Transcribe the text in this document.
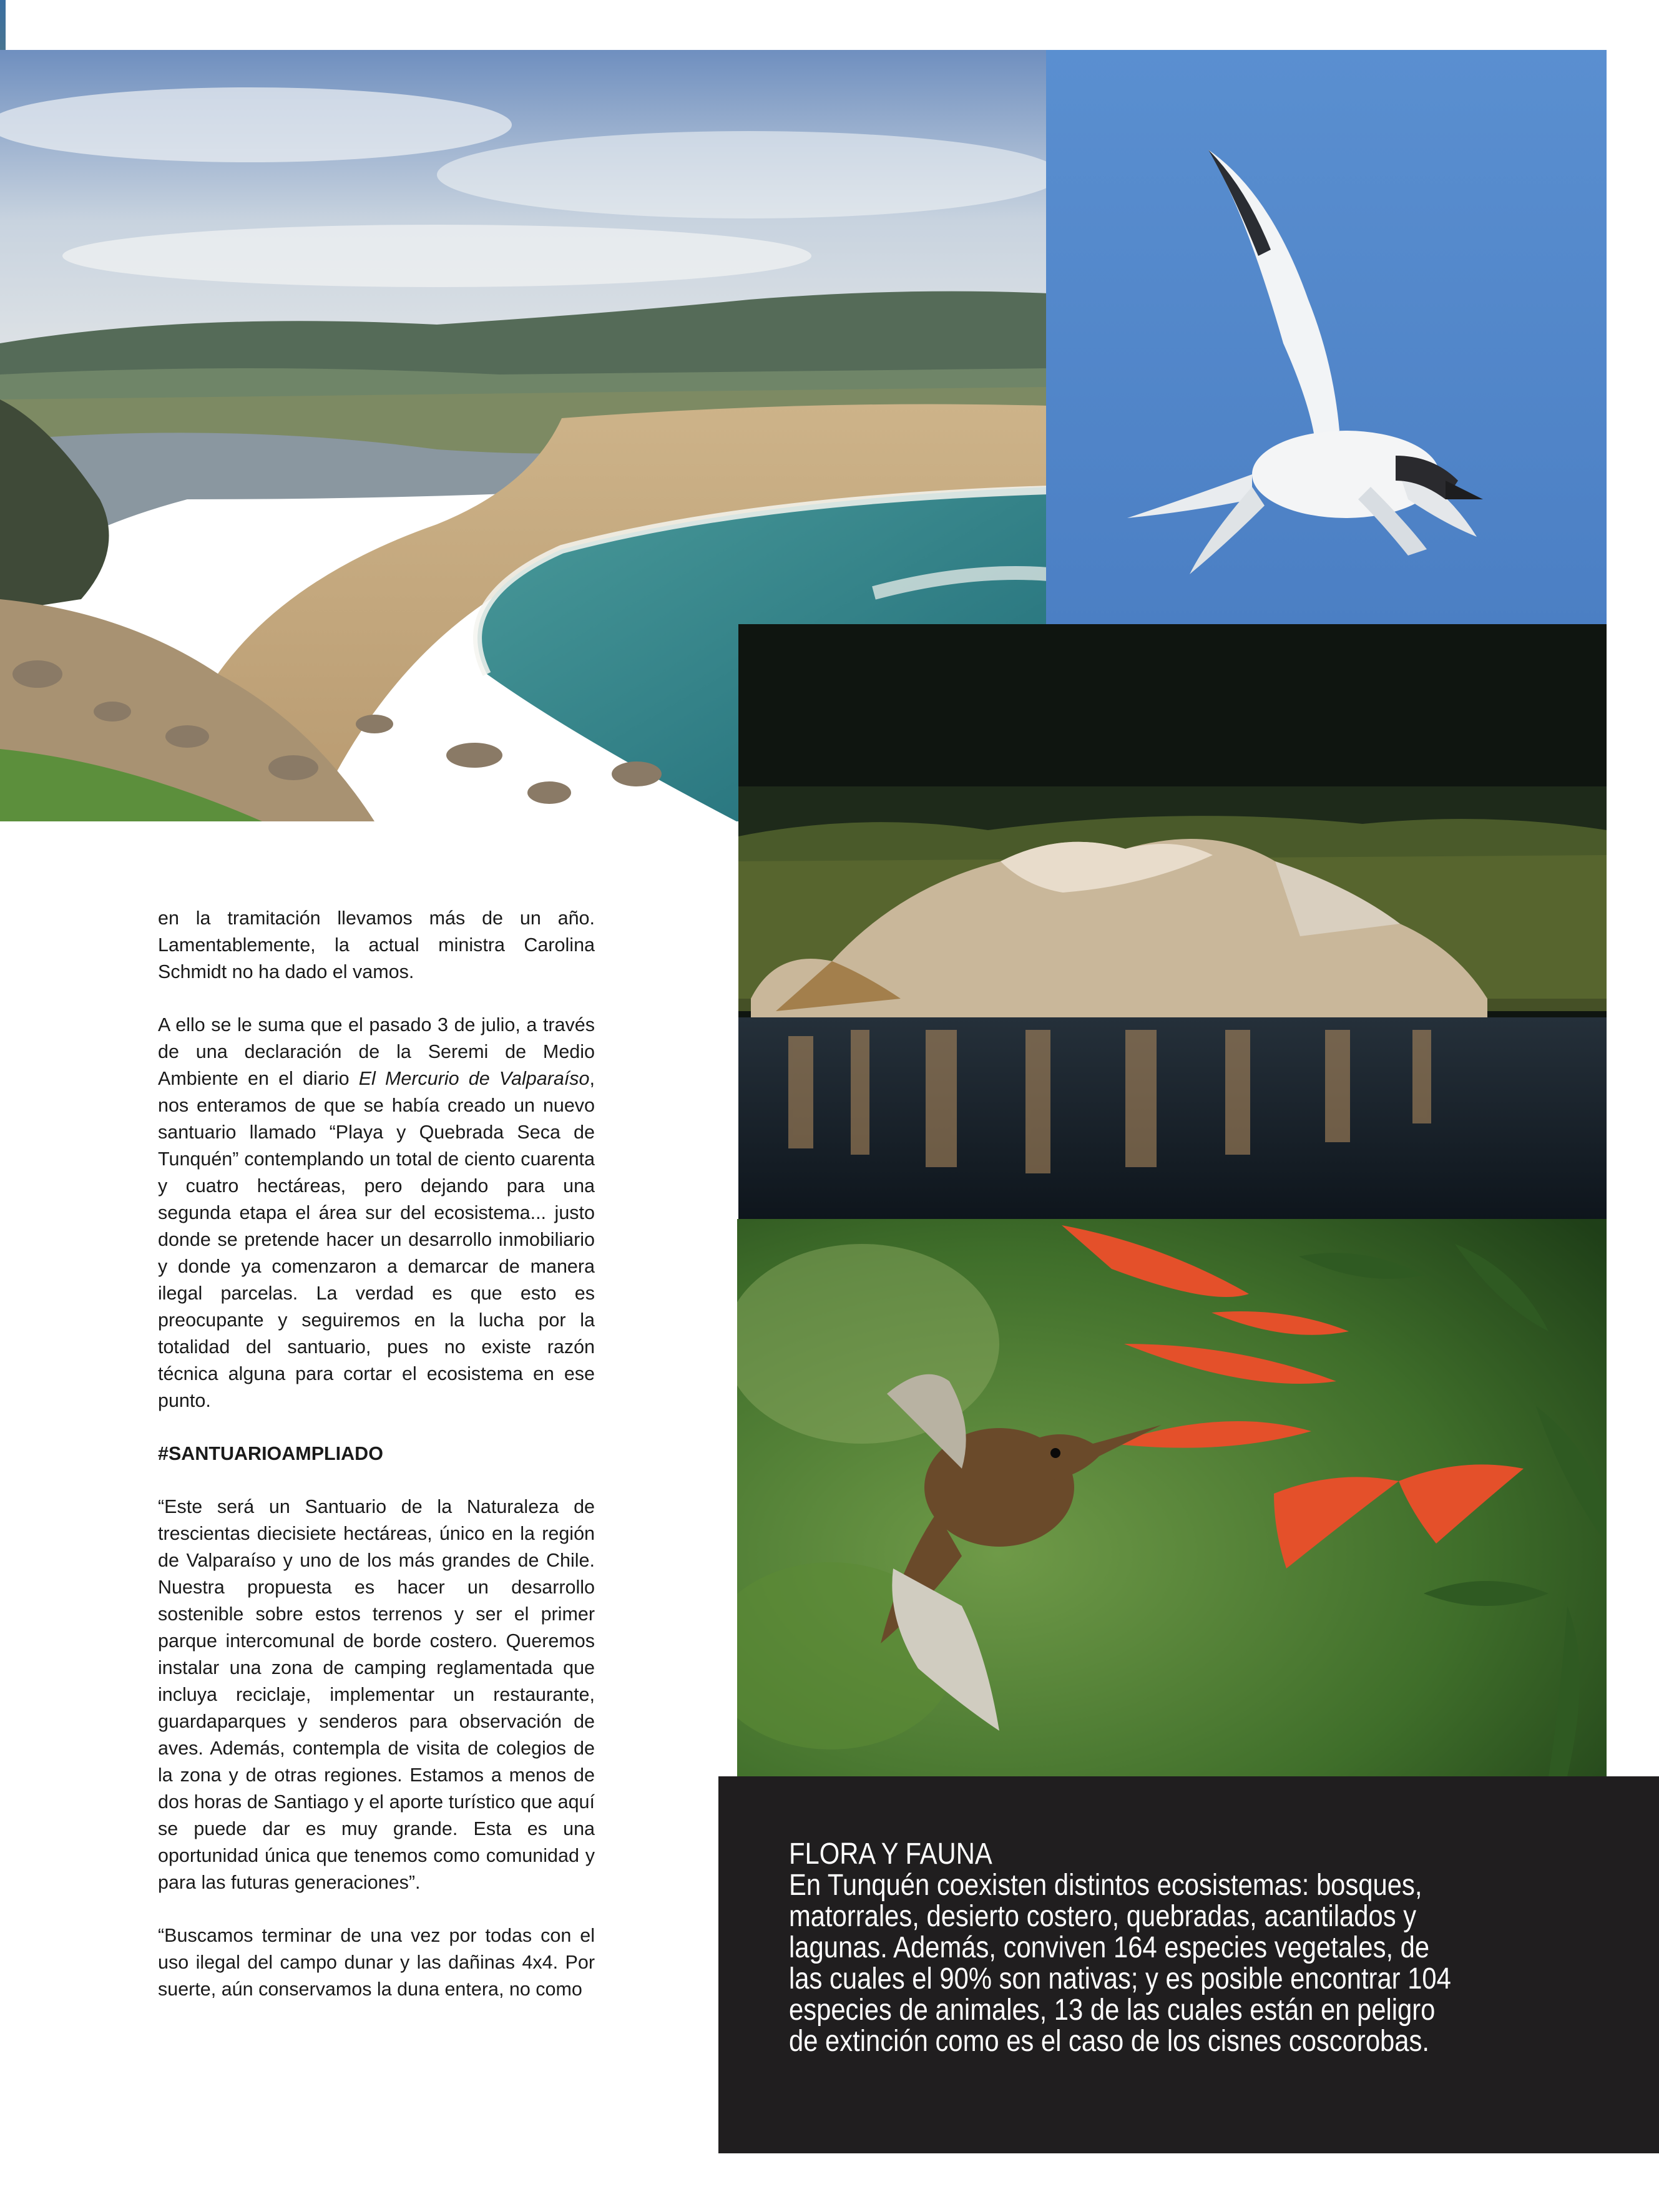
en la tramitación llevamos más de un año. Lamentablemente, la actual ministra Carolina Schmidt no ha dado el vamos.

A ello se le suma que el pasado 3 de julio, a través de una declaración de la Seremi de Medio Ambiente en el diario El Mercurio de Valparaíso, nos enteramos de que se había creado un nuevo santuario llamado “Playa y Quebrada Seca de Tunquén” contemplando un total de ciento cuarenta y cuatro hectáreas, pero dejando para una segunda etapa el área sur del ecosistema... justo donde se pretende hacer un desarrollo inmobiliario y donde ya comenzaron a demarcar de manera ilegal parcelas. La verdad es que esto es preocupante y seguiremos en la lucha por la totalidad del santuario, pues no existe razón técnica alguna para cortar el ecosistema en ese punto.

#SANTUARIOAMPLIADO

“Este será un Santuario de la Naturaleza de trescientas diecisiete hectáreas, único en la región de Valparaíso y uno de los más grandes de Chile. Nuestra propuesta es hacer un desarrollo sostenible sobre estos terrenos y ser el primer parque intercomunal de borde costero. Queremos instalar una zona de camping reglamentada que incluya reciclaje, implementar un restaurante, guardaparques y senderos para observación de aves. Además, contempla de visita de colegios de la zona y de otras regiones. Estamos a menos de dos horas de Santiago y el aporte turístico que aquí se puede dar es muy grande. Esta es una oportunidad única que tenemos como comunidad y para las futuras generaciones”.

“Buscamos terminar de una vez por todas con el uso ilegal del campo dunar y las dañinas 4x4. Por suerte, aún conservamos la duna entera, no como

FLORA Y FAUNA
En Tunquén coexisten distintos ecosistemas: bosques, matorrales, desierto costero, quebradas, acantilados y lagunas. Además, conviven 164 especies vegetales, de las cuales el 90% son nativas; y es posible encontrar 104 especies de animales, 13 de las cuales están en peligro de extinción como es el caso de los cisnes coscorobas.
